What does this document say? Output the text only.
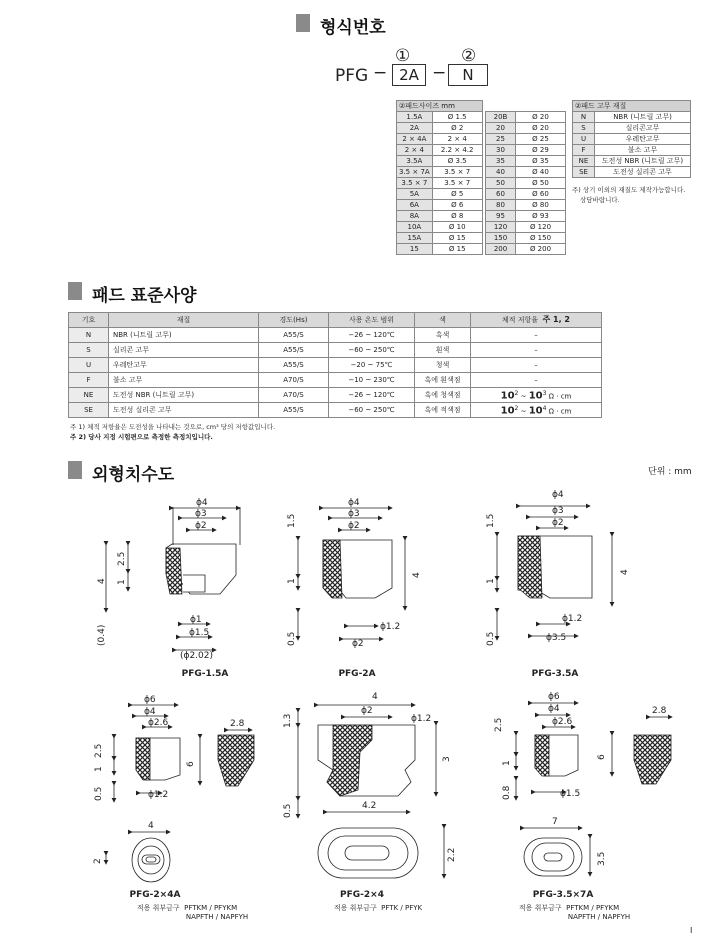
형식번호
①	②
PFG − 2A −	N
②패드사이즈 mm	
1.5A	Ø 1.5
2A	Ø 2
2 × 4A	2 × 4
2 × 4	2.2 × 4.2
3.5A	Ø 3.5
3.5 × 7A	3.5 × 7
3.5 × 7	3.5 × 7
5A	Ø 5
6A	Ø 6
8A	Ø 8
10A	Ø 10
15A	Ø 15
15	Ø 15
20B	Ø 20
20	Ø 20
25	Ø 25
30	Ø 29
35	Ø 35
40	Ø 40
50	Ø 50
60	Ø 60
80	Ø 80
95	Ø 93
120	Ø 120
150	Ø 150
200	Ø 200
②패드 고무 재질	
N	NBR (니트릴 고무)
S	실리콘고무
U	우레탄고무
F	불소 고무
NE	도전성 NBR (니트릴 고무)
SE	도전성 실리콘 고무
주) 상기 이외의 재질도 제작가능합니다.
상담바랍니다.
패드 표준사양
기호	재질	경도(Hs)	사용 온도 범위	색	체적 저항율 주 1, 2
N	NBR (니트릴 고무)	A55/S	−26 ~ 120℃	흑색	–
S	실리콘 고무	A55/S	−60 ~ 250℃	흰색	–
U	우레탄고무	A55/S	−20 ~ 75℃	청색	–
F	불소 고무	A70/S	−10 ~ 230℃	흑에 흰색점	–
NE	도전성 NBR (니트릴 고무)	A70/S	−26 ~ 120℃	흑에 청색점	$10^2$ ~ $10^3$ Ω · cm
SE	도전성 실리콘 고무	A55/S	−60 ~ 250℃	흑에 적색점	$10^2$ ~ $10^4$ Ω · cm
주 1) 체적 저항율은 도전성을 나타내는 것으로, cm³ 당의 저항값입니다.
주 2) 당사 지정 시험편으로 측정한 측정치입니다.
외형치수도	단위 : mm
ϕ4
ϕ3
ϕ2
4
2.5
1
(0.4)
ϕ1
ϕ1.5
(ϕ2.02)
ϕ4
ϕ3
ϕ2
1.5
1
4
0.5
ϕ1.2
ϕ2
ϕ4
ϕ3
ϕ2
1.5
1
4
0.5
ϕ1.2
ϕ3.5
ϕ6
ϕ4
ϕ2.6	2.8
2.5
1
0.5
6
ϕ1.2
4
2
4
ϕ2
ϕ1.2
1.3
3
0.5	4.2
2.2
ϕ6
ϕ4
ϕ2.6
2.8
2.5
1
0.8
6
ϕ1.5
7
3.5
PFG-1.5A	PFG-2A	PFG-3.5A
PFG-2×4A
적용 취부금구 PFTKM / PFYKM
NAPFTH / NAPFYH
PFG-2×4
적용 취부금구 PFTK / PFYK
PFG-3.5×7A
적용 취부금구 PFTKM / PFYKM
NAPFTH / NAPFYH
I
